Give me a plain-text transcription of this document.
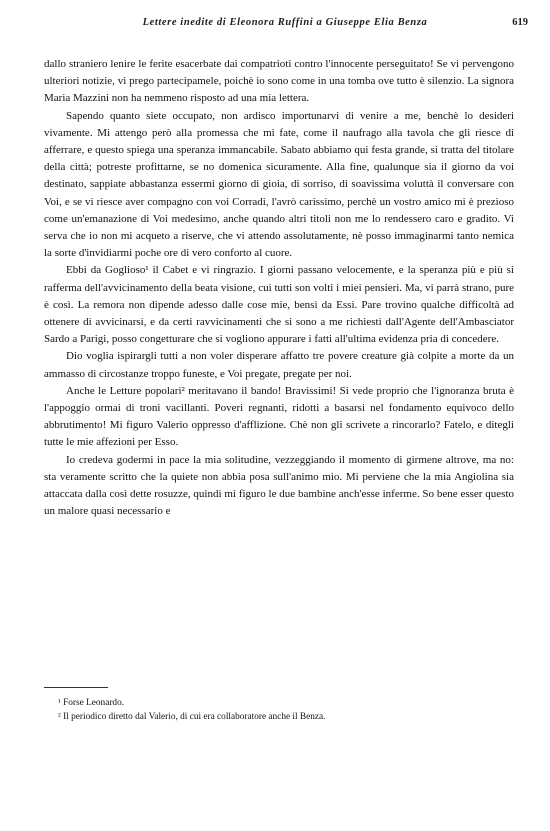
Lettere inedite di Eleonora Ruffini a Giuseppe Elia Benza	619

dallo straniero lenire le ferite esacerbate dai compatrioti contro l'innocente perseguitato! Se vi pervengono ulteriori notizie, vi prego partecipamele, poichè io sono come in una tomba ove tutto è silenzio. La signora Maria Mazzini non ha nemmeno risposto ad una mia lettera.

Sapendo quanto siete occupato, non ardisco importunarvi di venire a me, benchè lo desideri vivamente. Mi attengo però alla promessa che mi fate, come il naufrago alla tavola che gli riesce di afferrare, e questo spiega una speranza immancabile. Sabato abbiamo qui festa grande, si tratta del titolare della città; potreste profittarne, se no domenica sicuramente. Alla fine, qualunque sia il giorno da voi destinato, sappiate abbastanza essermi giorno di gioia, di sorriso, di soavissima voluttà il conversare con Voi, e se vi riesce aver compagno con voi Corradi, l'avrò carissimo, perchè un vostro amico mi è prezioso come un'emanazione di Voi medesimo, anche quando altri titoli non me lo rendessero caro e gradito. Vi serva che io non mi acqueto a riserve, che vi attendo assolutamente, nè posso immaginarmi tanto nemica la sorte d'invidiarmi poche ore di vero conforto al cuore.

Ebbi da Goglioso¹ il Cabet e vi ringrazio. I giorni passano velocemente, e la speranza più e più si rafferma dell'avvicinamento della beata visione, cui tutti son volti i miei pensieri. Ma, vi parrà strano, pure è così. La remora non dipende adesso dalle cose mie, bensì da Essi. Pare trovino qualche difficoltà ad ottenere di avvicinarsi, e da certi ravvicinamenti che si sono a me richiesti dall'Agente dell'Ambasciator Sardo a Parigi, posso congetturare che si vogliono appurare i fatti all'ultima evidenza pria di concedere.

Dio voglia ispirargli tutti a non voler disperare affatto tre povere creature già colpite a morte da un ammasso di circostanze troppo funeste, e Voi pregate, pregate per noi.

Anche le Letture popolari² meritavano il bando! Bravissimi! Si vede proprio che l'ignoranza bruta è l'appoggio ormai di troni vacillanti. Poveri regnanti, ridotti a basarsi nel fondamento equivoco dello abbrutimento! Mi figuro Valerio oppresso d'afflizione. Chè non gli scrivete a rincorarlo? Fatelo, e ditegli tutte le mie affezioni per Esso.

Io credeva godermi in pace la mia solitudine, vezzeggiando il momento di girmene altrove, ma no: sta veramente scritto che la quiete non abbia posa sull'animo mio. Mi perviene che la mia Angiolina sia attaccata dalla così dette rosuzze, quindi mi figuro le due bambine anch'esse inferme. So bene esser questo un malore quasi necessario e

¹ Forse Leonardo.

² Il periodico diretto dal Valerio, di cui era collaboratore anche il Benza.
